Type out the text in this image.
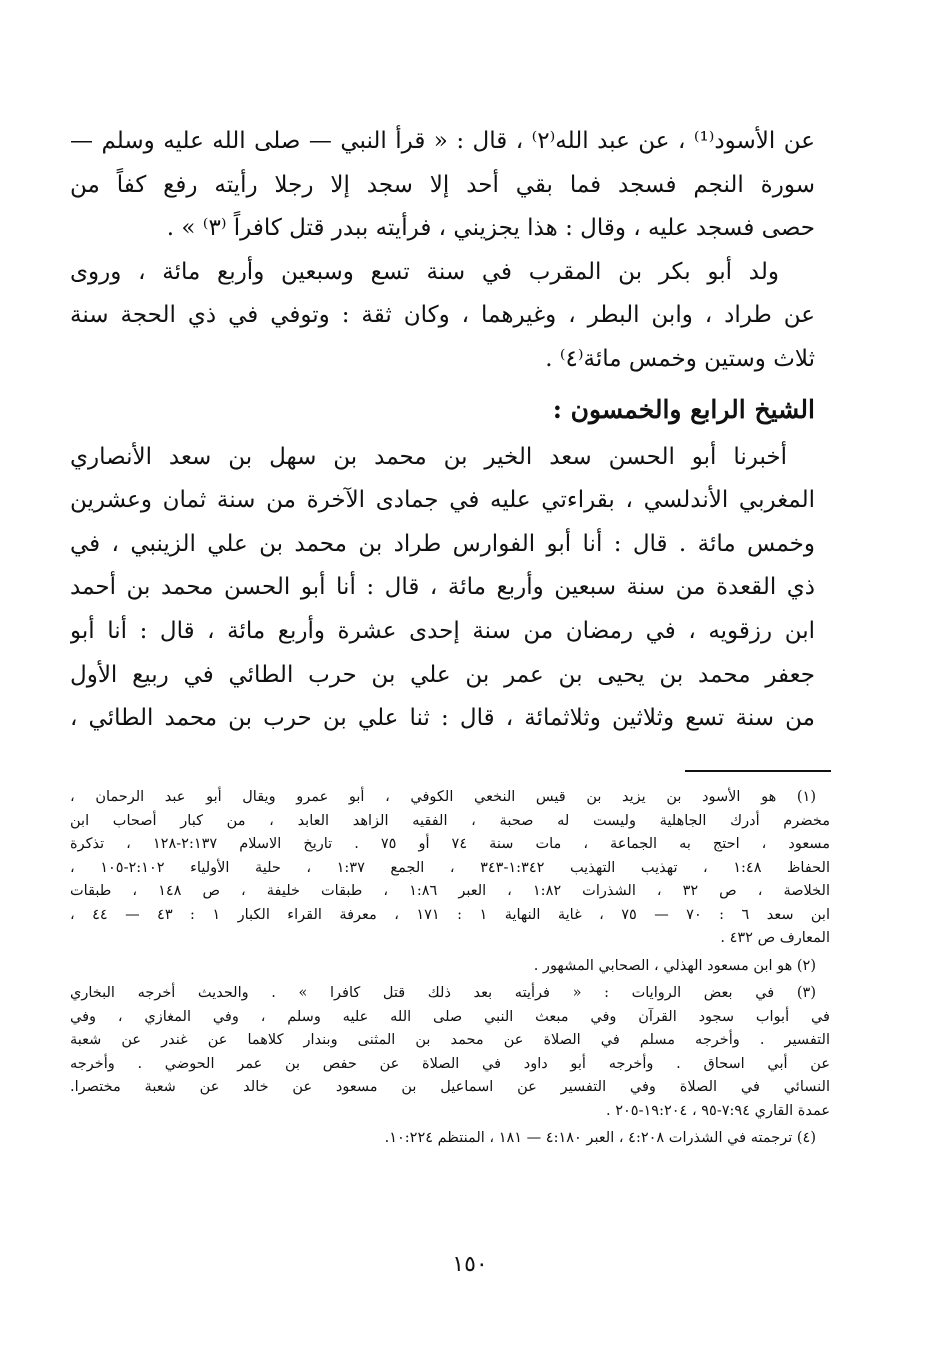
عن الأسود⁽¹⁾ ، عن عبد الله⁽٢⁾ ، قال : « قرأ النبي — صلى الله عليه وسلم —
سورة النجم فسجد فما بقي أحد إلا سجد إلا رجلا رأيته رفع كفاً من
حصى فسجد عليه ، وقال : هذا يجزيني ، فرأيته ببدر قتل كافراً ⁽٣⁾ » .
ولد أبو بكر بن المقرب في سنة تسع وسبعين وأربع مائة ، وروى
عن طراد ، وابن البطر ، وغيرهما ، وكان ثقة : وتوفي في ذي الحجة سنة
ثلاث وستين وخمس مائة⁽٤⁾ .
الشيخ الرابع والخمسون :
أخبرنا أبو الحسن سعد الخير بن محمد بن سهل بن سعد الأنصاري
المغربي الأندلسي ، بقراءتي عليه في جمادى الآخرة من سنة ثمان وعشرين
وخمس مائة . قال : أنا أبو الفوارس طراد بن محمد بن علي الزينبي ، في
ذي القعدة من سنة سبعين وأربع مائة ، قال : أنا أبو الحسن محمد بن أحمد
ابن رزقويه ، في رمضان من سنة إحدى عشرة وأربع مائة ، قال : أنا أبو
جعفر محمد بن يحيى بن عمر بن علي بن حرب الطائي في ربيع الأول
من سنة تسع وثلاثين وثلاثمائة ، قال : ثنا علي بن حرب بن محمد الطائي ،
(١) هو الأسود بن يزيد بن قيس النخعي الكوفي ، أبو عمرو ويقال أبو عبد الرحمان ،
مخضرم أدرك الجاهلية وليست له صحبة ، الفقيه الزاهد العابد ، من كبار أصحاب ابن
مسعود ، احتج به الجماعة ، مات سنة ٧٤ أو ٧٥ . تاريخ الاسلام ٢:١٣٧-١٢٨ ، تذكرة
الحفاظ ١:٤٨ ، تهذيب التهذيب ١:٣٤٢-٣٤٣ ، الجمع ١:٣٧ ، حلية الأولياء ٢:١٠٢-١٠٥ ،
الخلاصة ، ص ٣٢ ، الشذرات ١:٨٢ ، العبر ١:٨٦ ، طبقات خليفة ، ص ١٤٨ ، طبقات
ابن سعد ٦ : ٧٠ — ٧٥ ، غاية النهاية ١ : ١٧١ ، معرفة القراء الكبار ١ : ٤٣ — ٤٤ ،
المعارف ص ٤٣٢ .
(٢) هو ابن مسعود الهذلي ، الصحابي المشهور .
(٣) في بعض الروايات : « فرأيته بعد ذلك قتل كافرا » . والحديث أخرجه البخاري
في أبواب سجود القرآن وفي مبعث النبي صلى الله عليه وسلم ، وفي المغازي ، وفي
التفسير . وأخرجه مسلم في الصلاة عن محمد بن المثنى وبندار كلاهما عن غندر عن شعبة
عن أبي اسحاق . وأخرجه أبو داود في الصلاة عن حفص بن عمر الحوضي . وأخرجه
النسائي في الصلاة وفي التفسير عن اسماعيل بن مسعود عن خالد عن شعبة مختصرا.
عمدة القاري ٧:٩٤-٩٥ ، ١٩:٢٠٤-٢٠٥ .
(٤) ترجمته في الشذرات ٤:٢٠٨ ، العبر ٤:١٨٠ — ١٨١ ، المنتظم ١٠:٢٢٤.
١٥٠
